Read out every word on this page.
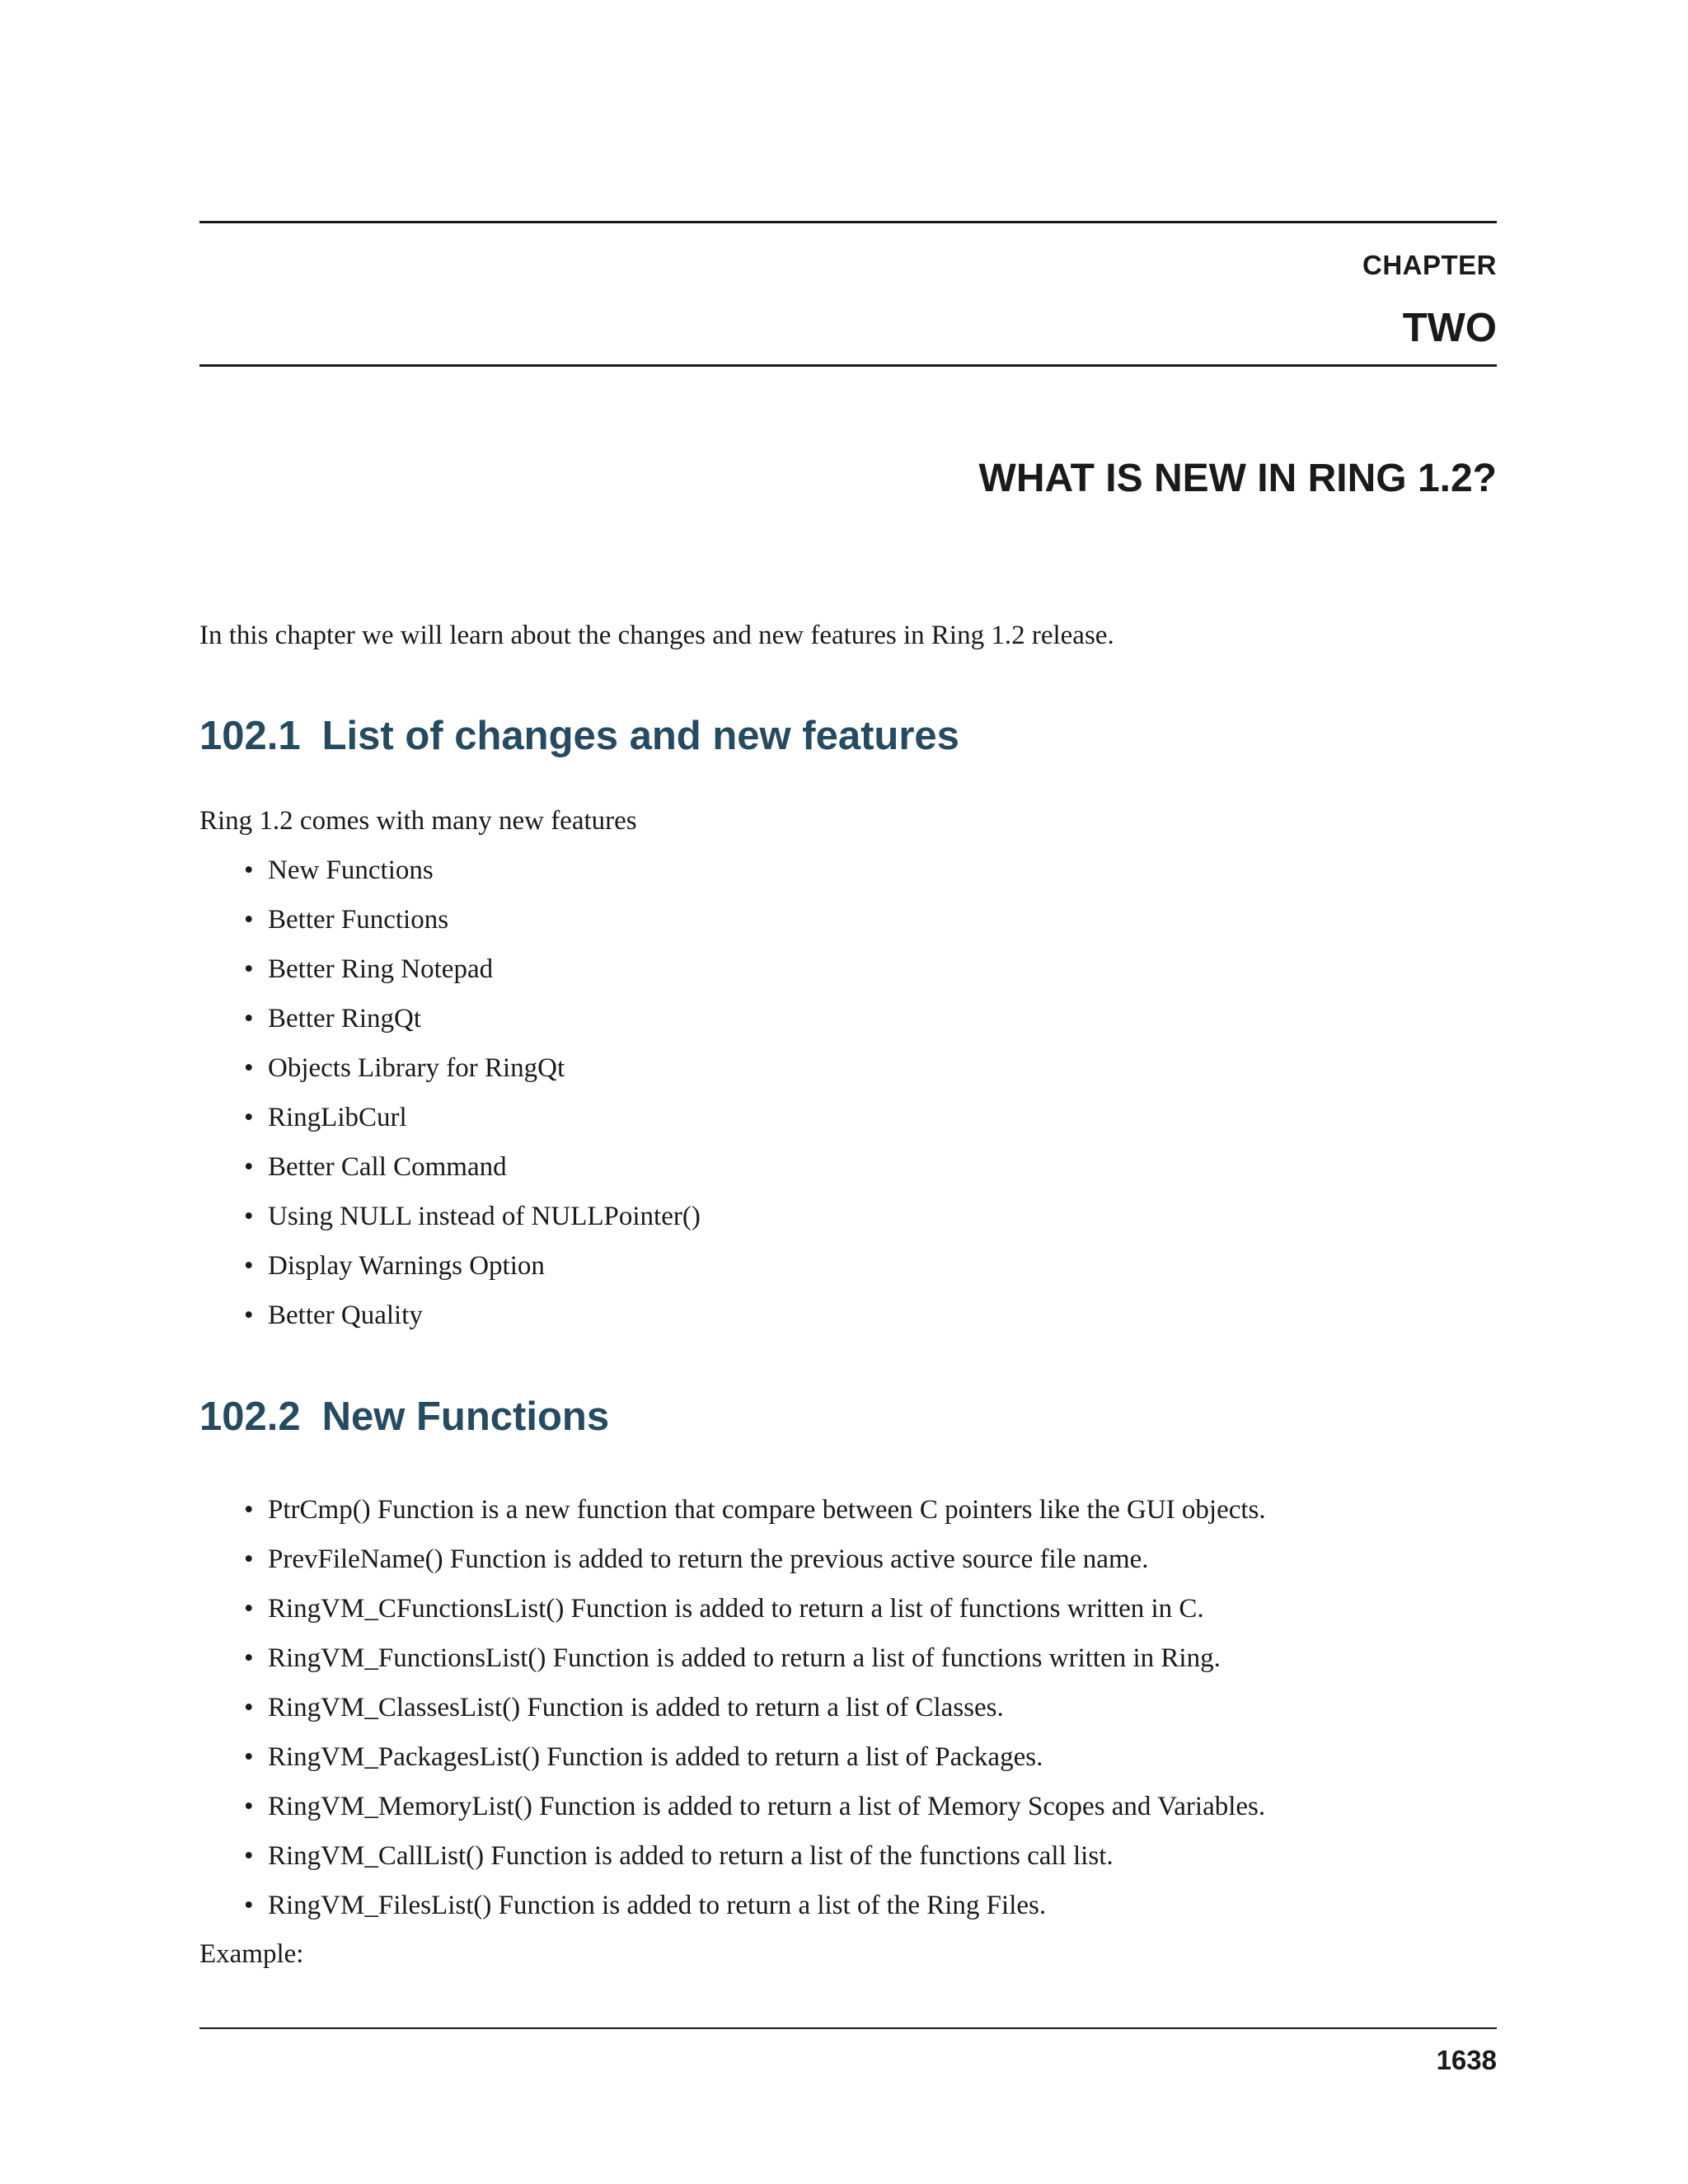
CHAPTER
TWO
WHAT IS NEW IN RING 1.2?
In this chapter we will learn about the changes and new features in Ring 1.2 release.
102.1 List of changes and new features
Ring 1.2 comes with many new features
• New Functions
• Better Functions
• Better Ring Notepad
• Better RingQt
• Objects Library for RingQt
• RingLibCurl
• Better Call Command
• Using NULL instead of NULLPointer()
• Display Warnings Option
• Better Quality
102.2 New Functions
• PtrCmp() Function is a new function that compare between C pointers like the GUI objects.
• PrevFileName() Function is added to return the previous active source file name.
• RingVM_CFunctionsList() Function is added to return a list of functions written in C.
• RingVM_FunctionsList() Function is added to return a list of functions written in Ring.
• RingVM_ClassesList() Function is added to return a list of Classes.
• RingVM_PackagesList() Function is added to return a list of Packages.
• RingVM_MemoryList() Function is added to return a list of Memory Scopes and Variables.
• RingVM_CallList() Function is added to return a list of the functions call list.
• RingVM_FilesList() Function is added to return a list of the Ring Files.
Example:
1638
